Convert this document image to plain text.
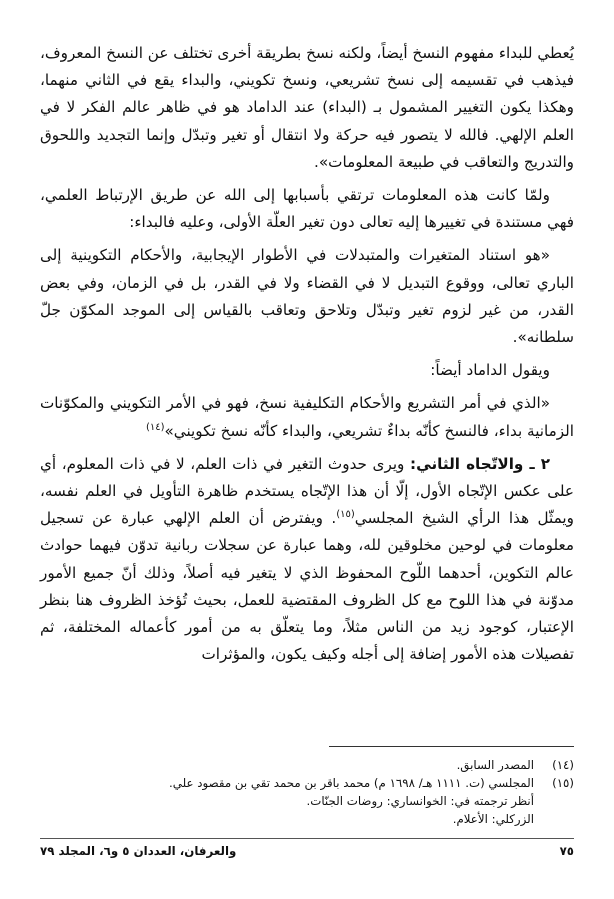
يُعطي للبداء مفهوم النسخ أيضاً، ولكنه نسخ بطريقة أخرى تختلف عن النسخ المعروف، فيذهب في تقسيمه إلى نسخ تشريعي، ونسخ تكويني، والبداء يقع في الثاني منهما، وهكذا يكون التغيير المشمول بـ (البداء) عند الداماد هو في ظاهر عالم الفكر لا في العلم الإلهي. فالله لا يتصور فيه حركة ولا انتقال أو تغير وتبدّل وإنما التجديد واللحوق والتدريج والتعاقب في طبيعة المعلومات».

ولمّا كانت هذه المعلومات ترتقي بأسبابها إلى الله عن طريق الإرتباط العلمي، فهي مستندة في تغييرها إليه تعالى دون تغير العلّة الأولى، وعليه فالبداء:

«هو استناد المتغيرات والمتبدلات في الأطوار الإيجابية، والأحكام التكوينية إلى الباري تعالى، ووقوع التبديل لا في القضاء ولا في القدر، بل في الزمان، وفي بعض القدر، من غير لزوم تغير وتبدّل وتلاحق وتعاقب بالقياس إلى الموجد المكوّن جلّ سلطانه».

ويقول الداماد أيضاً:

«الذي في أمر التشريع والأحكام التكليفية نسخ، فهو في الأمر التكويني والمكوّنات الزمانية بداء، فالنسخ كأنّه بداءٌ تشريعي، والبداء كأنّه نسخ تكويني»$^{(١٤)}$

٢ ـ والاتّجاه الثاني: ويرى حدوث التغير في ذات العلم، لا في ذات المعلوم، أي على عكس الإتّجاه الأول، إلّا أن هذا الإتّجاه يستخدم ظاهرة التأويل في العلم نفسه، ويمثّل هذا الرأي الشيخ المجلسي$^{(١٥)}$. ويفترض أن العلم الإلهي عبارة عن تسجيل معلومات في لوحين مخلوقين لله، وهما عبارة عن سجلات ربانية تدوّن فيهما حوادث عالم التكوين، أحدهما اللّوح المحفوظ الذي لا يتغير فيه أصلاً، وذلك أنّ جميع الأمور مدوّنة في هذا اللوح مع كل الظروف المقتضية للعمل، بحيث تُؤخذ الظروف هنا بنظر الإعتبار، كوجود زيد من الناس مثلاً، وما يتعلّق به من أمور كأعماله المختلفة، ثم تفصيلات هذه الأمور إضافة إلى أجله وكيف يكون، والمؤثرات

(١٤)
المصدر السابق.
(١٥)
المجلسي (ت. ١١١١ هـ/ ١٦٩٨ م) محمد باقر بن محمد تقي بن مقصود علي.
أنظر ترجمته في: الخوانساري: روضات الجنّات.
الزركلي: الأعلام.
٧٥
والعرفان، العددان ٥ و٦، المجلد ٧٩
